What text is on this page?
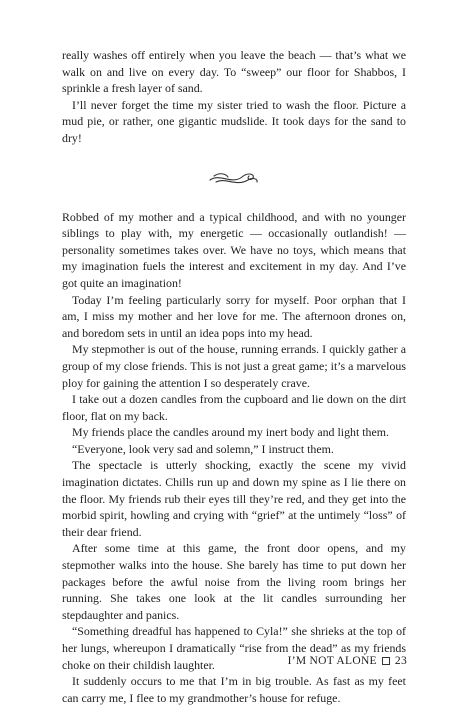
really washes off entirely when you leave the beach — that’s what we walk on and live on every day. To “sweep” our floor for Shabbos, I sprinkle a fresh layer of sand.

I’ll never forget the time my sister tried to wash the floor. Picture a mud pie, or rather, one gigantic mudslide. It took days for the sand to dry!

Robbed of my mother and a typical childhood, and with no younger siblings to play with, my energetic — occasionally outlandish! — personality sometimes takes over. We have no toys, which means that my imagination fuels the interest and excitement in my day. And I’ve got quite an imagination!

Today I’m feeling particularly sorry for myself. Poor orphan that I am, I miss my mother and her love for me. The afternoon drones on, and boredom sets in until an idea pops into my head.

My stepmother is out of the house, running errands. I quickly gather a group of my close friends. This is not just a great game; it’s a marvelous ploy for gaining the attention I so desperately crave.

I take out a dozen candles from the cupboard and lie down on the dirt floor, flat on my back.

My friends place the candles around my inert body and light them.

“Everyone, look very sad and solemn,” I instruct them.

The spectacle is utterly shocking, exactly the scene my vivid imagination dictates. Chills run up and down my spine as I lie there on the floor. My friends rub their eyes till they’re red, and they get into the morbid spirit, howling and crying with “grief” at the untimely “loss” of their dear friend.

After some time at this game, the front door opens, and my stepmother walks into the house. She barely has time to put down her packages before the awful noise from the living room brings her running. She takes one look at the lit candles surrounding her stepdaughter and panics.

“Something dreadful has happened to Cyla!” she shrieks at the top of her lungs, whereupon I dramatically “rise from the dead” as my friends choke on their childish laughter.

It suddenly occurs to me that I’m in big trouble. As fast as my feet can carry me, I flee to my grandmother’s house for refuge.

I’M NOT ALONE 23
